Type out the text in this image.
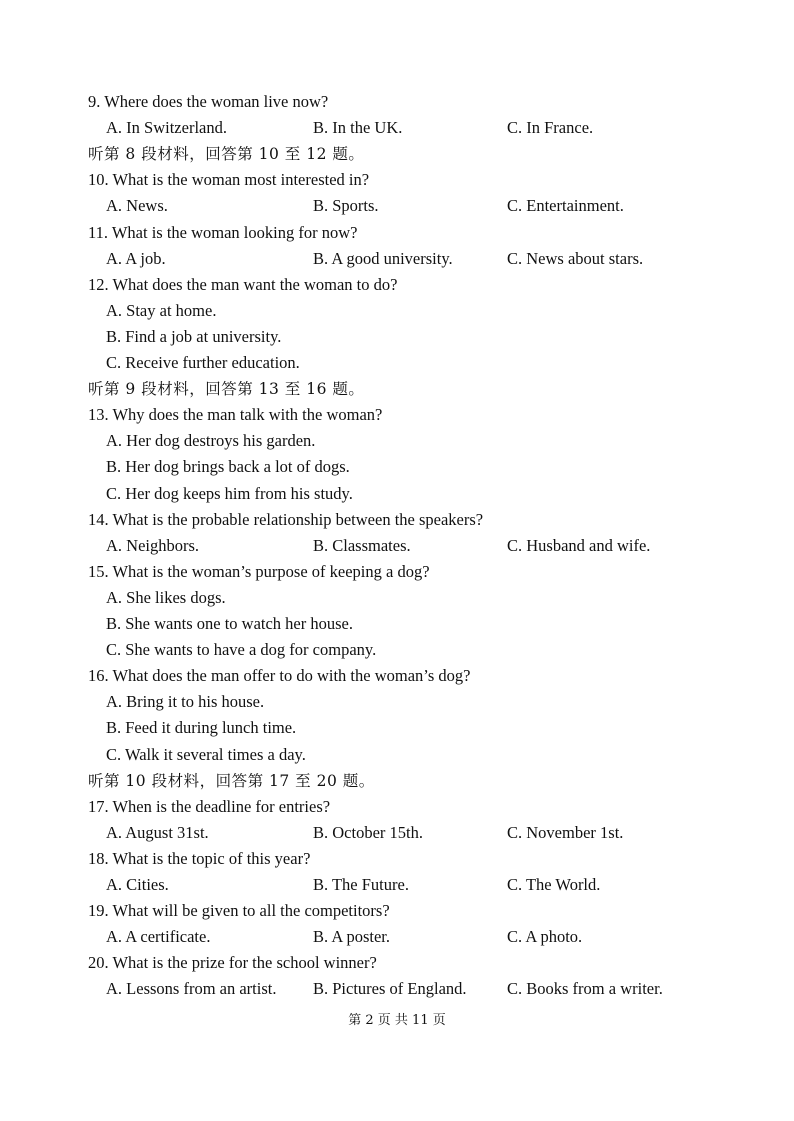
9. Where does the woman live now?
A. In Switzerland.	B. In the UK.	C. In France.
听第 8 段材料，回答第 10 至 12 题。
10. What is the woman most interested in?
A. News.	B. Sports.	C. Entertainment.
11. What is the woman looking for now?
A. A job.	B. A good university.	C. News about stars.
12. What does the man want the woman to do?
A. Stay at home.
B. Find a job at university.
C. Receive further education.
听第 9 段材料，回答第 13 至 16 题。
13. Why does the man talk with the woman?
A. Her dog destroys his garden.
B. Her dog brings back a lot of dogs.
C. Her dog keeps him from his study.
14. What is the probable relationship between the speakers?
A. Neighbors.	B. Classmates.	C. Husband and wife.
15. What is the woman’s purpose of keeping a dog?
A. She likes dogs.
B. She wants one to watch her house.
C. She wants to have a dog for company.
16. What does the man offer to do with the woman’s dog?
A. Bring it to his house.
B. Feed it during lunch time.
C. Walk it several times a day.
听第 10 段材料，回答第 17 至 20 题。
17. When is the deadline for entries?
A. August 31st.	B. October 15th.	C. November 1st.
18. What is the topic of this year?
A. Cities.	B. The Future.	C. The World.
19. What will be given to all the competitors?
A. A certificate.	B. A poster.	C. A photo.
20. What is the prize for the school winner?
A. Lessons from an artist. B. Pictures of England. C. Books from a writer.
第 2 页 共 11 页
